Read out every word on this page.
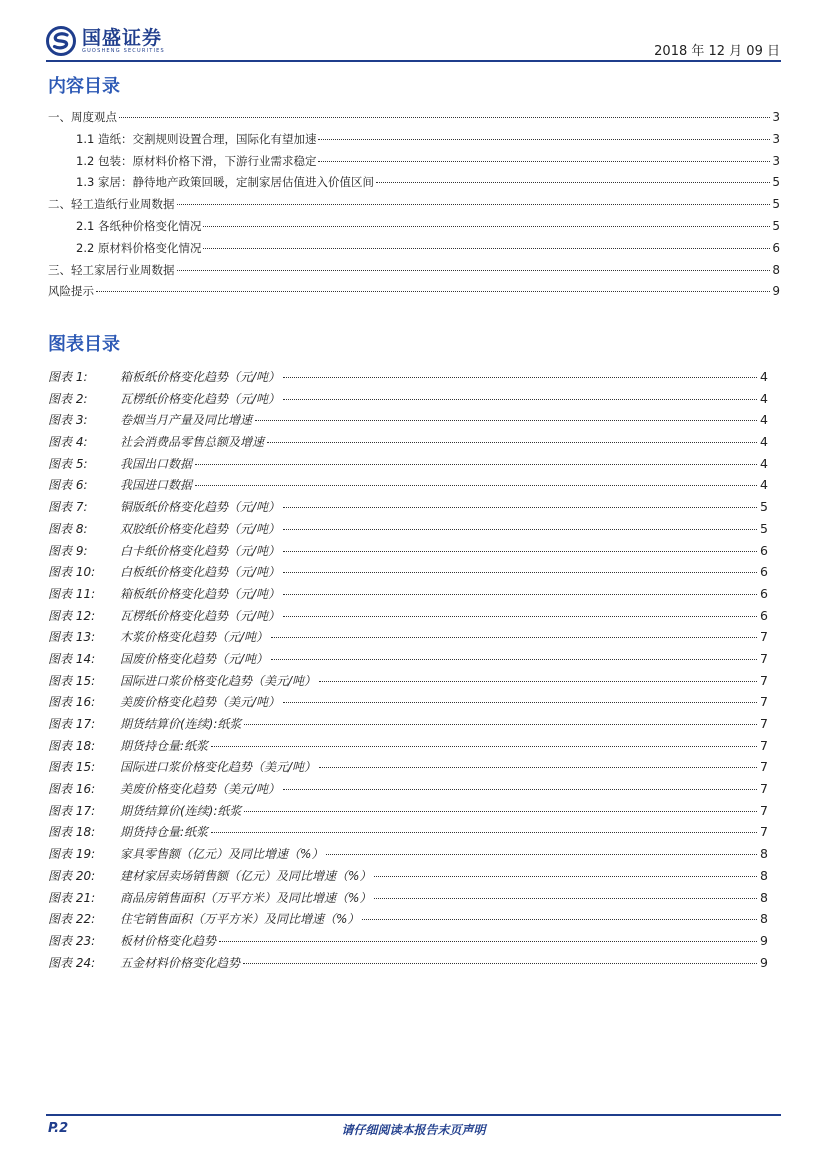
国盛证券
GUOSHENG SECURITIES	2018 年 12 月 09 日
内容目录
一、周度观点	3
1.1 造纸：交割规则设置合理，国际化有望加速	3
1.2 包装：原材料价格下滑，下游行业需求稳定	3
1.3 家居：静待地产政策回暖，定制家居估值进入价值区间	5
二、轻工造纸行业周数据	5
2.1 各纸种价格变化情况	5
2.2 原材料价格变化情况	6
三、轻工家居行业周数据	8
风险提示	9
图表目录
图表 1:	箱板纸价格变化趋势（元/吨）	4
图表 2:	瓦楞纸价格变化趋势（元/吨）	4
图表 3:	卷烟当月产量及同比增速	4
图表 4:	社会消费品零售总额及增速	4
图表 5:	我国出口数据	4
图表 6:	我国进口数据	4
图表 7:	铜版纸价格变化趋势（元/吨）	5
图表 8:	双胶纸价格变化趋势（元/吨）	5
图表 9:	白卡纸价格变化趋势（元/吨）	6
图表 10:	白板纸价格变化趋势（元/吨）	6
图表 11:	箱板纸价格变化趋势（元/吨）	6
图表 12:	瓦楞纸价格变化趋势（元/吨）	6
图表 13:	木浆价格变化趋势（元/吨）	7
图表 14:	国废价格变化趋势（元/吨）	7
图表 15:	国际进口浆价格变化趋势（美元/吨）	7
图表 16:	美废价格变化趋势（美元/吨）	7
图表 17:	期货结算价(连续):纸浆	7
图表 18:	期货持仓量:纸浆	7
图表 15:	国际进口浆价格变化趋势（美元/吨）	7
图表 16:	美废价格变化趋势（美元/吨）	7
图表 17:	期货结算价(连续):纸浆	7
图表 18:	期货持仓量:纸浆	7
图表 19:	家具零售额（亿元）及同比增速（%）	8
图表 20:	建材家居卖场销售额（亿元）及同比增速（%）	8
图表 21:	商品房销售面积（万平方米）及同比增速（%）	8
图表 22:	住宅销售面积（万平方米）及同比增速（%）	8
图表 23:	板材价格变化趋势	9
图表 24:	五金材料价格变化趋势	9
请仔细阅读本报告末页声明
P.2
